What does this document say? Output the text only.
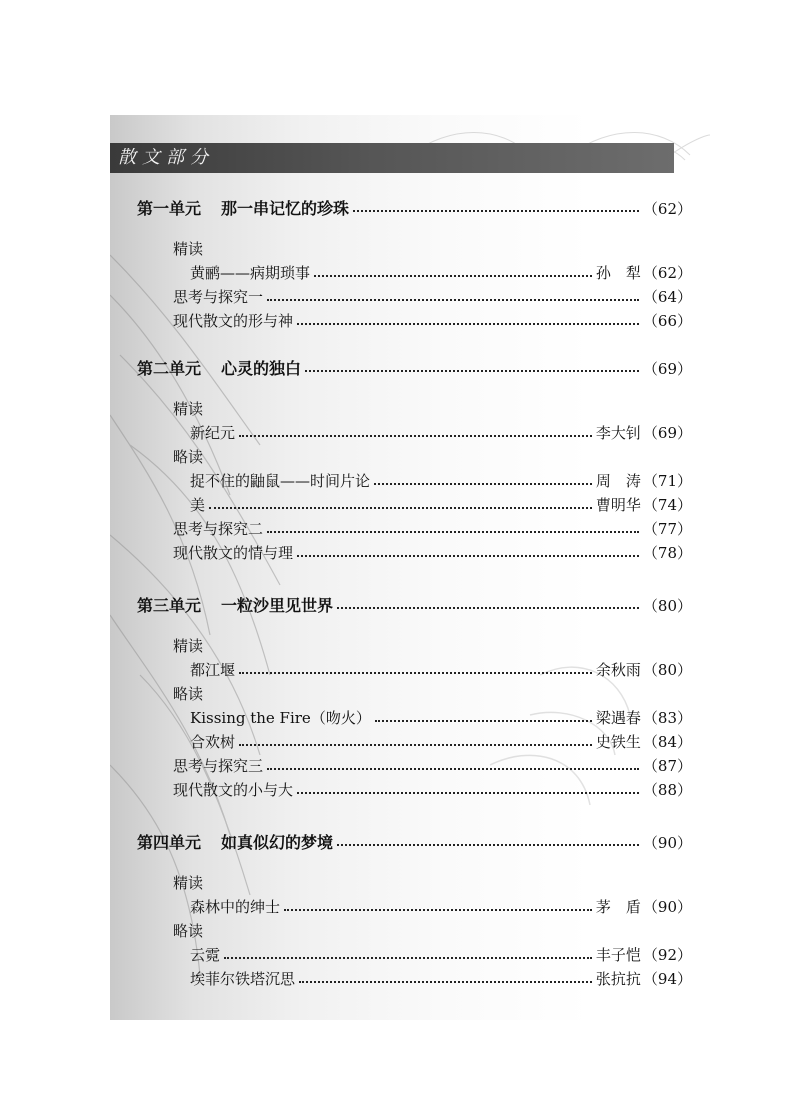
散文部分
第一单元 那一串记忆的珍珠	（62）
精读
黄鹂——病期琐事	孙　犁 （62）
思考与探究一	（64）
现代散文的形与神	（66）
第二单元 心灵的独白	（69）
精读
新纪元	李大钊 （69）
略读
捉不住的鼬鼠——时间片论	周　涛 （71）
美	曹明华 （74）
思考与探究二	（77）
现代散文的情与理	（78）
第三单元 一粒沙里见世界	（80）
精读
都江堰	余秋雨 （80）
略读
Kissing the Fire（吻火）	梁遇春 （83）
合欢树	史铁生 （84）
思考与探究三	（87）
现代散文的小与大	（88）
第四单元 如真似幻的梦境	（90）
精读
森林中的绅士	茅　盾 （90）
略读
云霓	丰子恺 （92）
埃菲尔铁塔沉思	张抗抗 （94）
